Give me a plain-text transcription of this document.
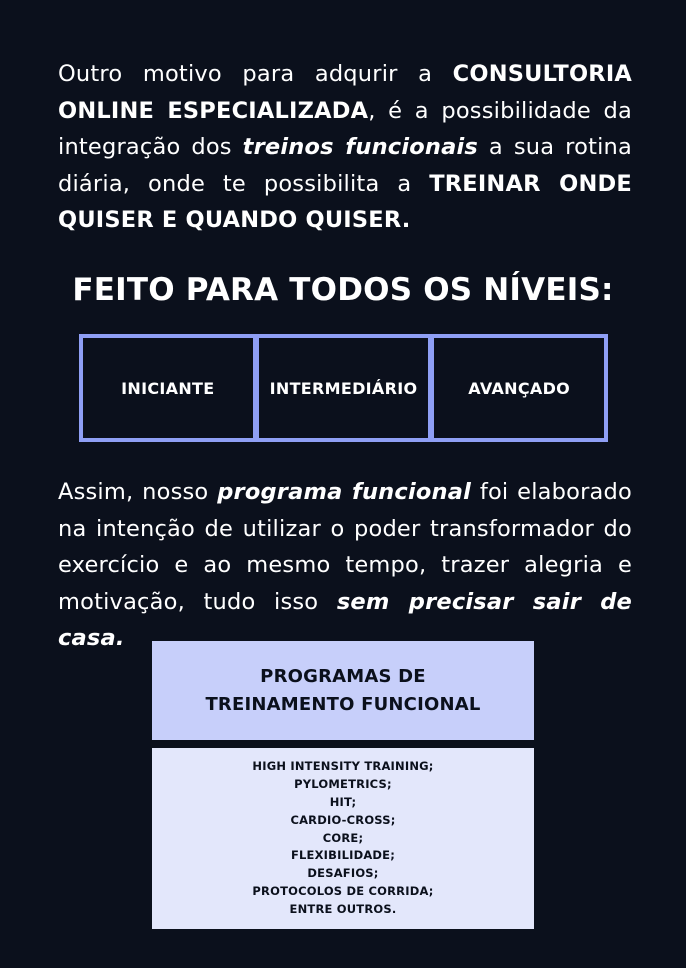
Outro motivo para adqurir a CONSULTORIA ONLINE ESPECIALIZADA, é a possibilidade da integração dos treinos funcionais a sua rotina diária, onde te possibilita a TREINAR ONDE QUISER E QUANDO QUISER.

FEITO PARA TODOS OS NÍVEIS:
INICIANTE	INTERMEDIÁRIO	AVANÇADO

Assim, nosso programa funcional foi elaborado na intenção de utilizar o poder transformador do exercício e ao mesmo tempo, trazer alegria e motivação, tudo isso sem precisar sair de casa.

PROGRAMAS DE
TREINAMENTO FUNCIONAL
HIGH INTENSITY TRAINING;
PYLOMETRICS;
HIT;
CARDIO-CROSS;
CORE;
FLEXIBILIDADE;
DESAFIOS;
PROTOCOLOS DE CORRIDA;
ENTRE OUTROS.
